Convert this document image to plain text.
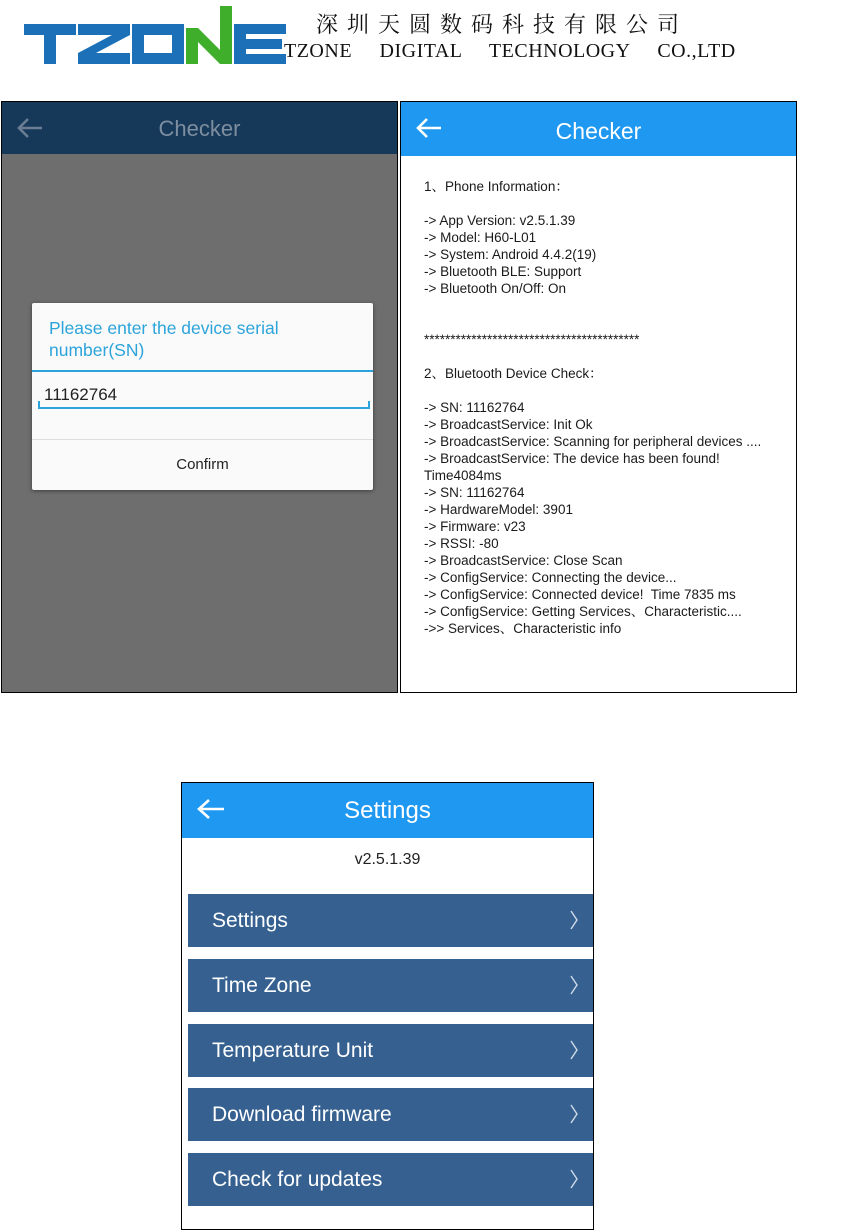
深圳天圆数码科技有限公司
TZONE DIGITAL TECHNOLOGY CO.,LTD
Checker
Please enter the device serial number(SN)
11162764
Confirm
Checker
1、Phone Information：

-> App Version: v2.5.1.39
-> Model: H60-L01
-> System: Android 4.4.2(19)
-> Bluetooth BLE: Support
-> Bluetooth On/Off: On

*****************************************

2、Bluetooth Device Check：

-> SN: 11162764
-> BroadcastService: Init Ok
-> BroadcastService: Scanning for peripheral devices ....
-> BroadcastService: The device has been found!  Time4084ms
-> SN: 11162764
-> HardwareModel: 3901
-> Firmware: v23
-> RSSI: -80
-> BroadcastService: Close Scan
-> ConfigService: Connecting the device...
-> ConfigService: Connected device!  Time 7835 ms
-> ConfigService: Getting Services、Characteristic....
->> Services、Characteristic info
Settings
v2.5.1.39
Settings
Time Zone
Temperature Unit
Download firmware
Check for updates
